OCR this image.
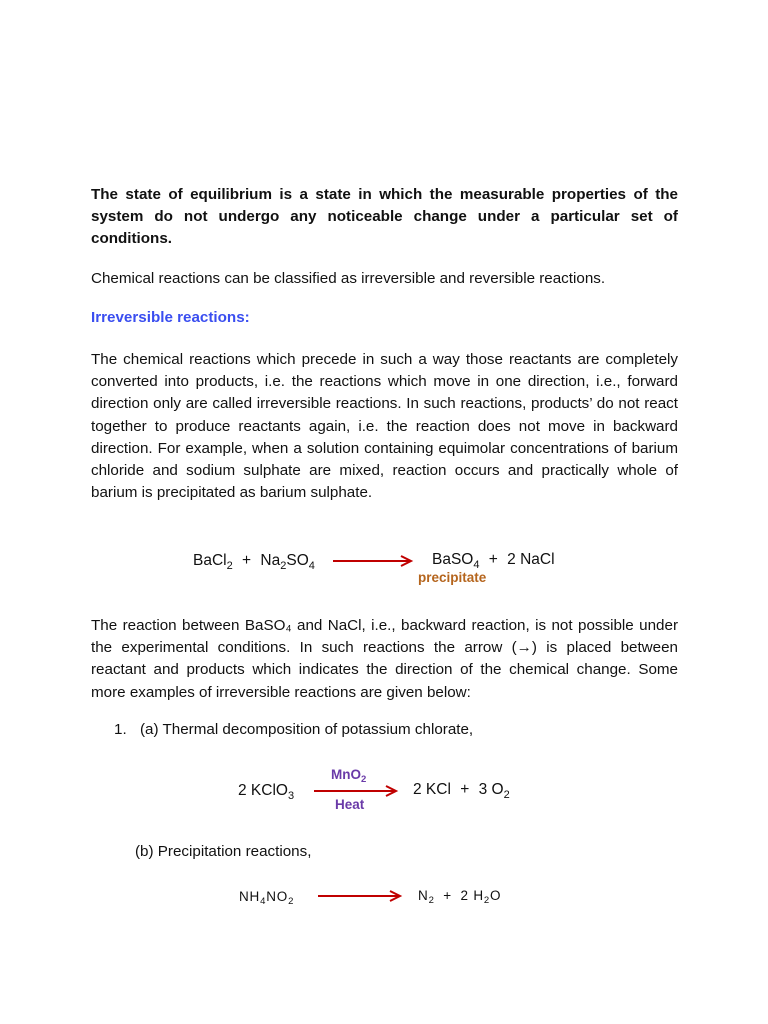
The state of equilibrium is a state in which the measurable properties of the system do not undergo any noticeable change under a particular set of conditions.

Chemical reactions can be classified as irreversible and reversible reactions.

Irreversible reactions:

The chemical reactions which precede in such a way those reactants are completely converted into products, i.e. the reactions which move in one direction, i.e., forward direction only are called irreversible reactions. In such reactions, products’ do not react together to produce reactants again, i.e. the reaction does not move in backward direction. For example, when a solution containing equimolar concentrations of barium chloride and sodium sulphate are mixed, reaction occurs and practically whole of barium is precipitated as barium sulphate.

BaCl$_2$ + $Na_2SO_4$	BaSO$_4$ + 2 NaCl
precipitate

The reaction between BaSO₄ and NaCl, i.e., backward reaction, is not possible under the experimental conditions. In such reactions the arrow (→) is placed between reactant and products which indicates the direction of the chemical change. Some more examples of irreversible reactions are given below:

1. (a) Thermal decomposition of potassium chlorate,
MnO$_2$
2 KClO$_3$
Heat
2 KCl + 3 $O_2$
(b) Precipitation reactions,
$NH_4NO_2$	$N_2 + 2$ $H_2O$
